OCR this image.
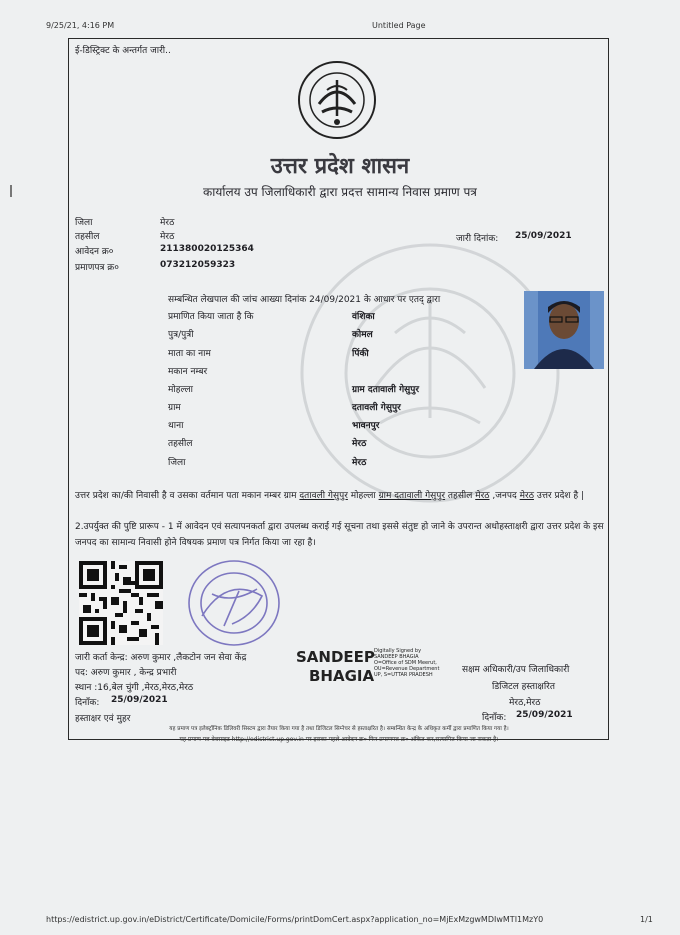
9/25/21, 4:16 PM	Untitled Page
ई-डिस्ट्रिक्ट के अन्तर्गत जारी..
उत्तर प्रदेश शासन
कार्यालय उप जिलाधिकारी द्वारा प्रदत्त सामान्य निवास प्रमाण पत्र
जिला	मेरठ
तहसील	मेरठ
आवेदन क्र०	211380020125364
प्रमाणपत्र क्र०	073212059323
जारी दिनांक: 25/09/2021
सम्बन्धित लेखपाल की जांच आख्या दिनांक 24/09/2021 के आधार पर एतद् द्वारा
प्रमाणित किया जाता है कि	वंशिका
पुत्र/पुत्री	कोमल
माता का नाम	पिंकी
मकान नम्बर
मोहल्ला	ग्राम दतावाली गेसुपुर
ग्राम	दतावली गेसुपुर
थाना	भावनपुर
तहसील	मेरठ
जिला	मेरठ
उत्तर प्रदेश का/की निवासी है व उसका वर्तमान पता मकान नम्बर ग्राम दतावली गेसुपुर मोहल्ला ग्राम दतावाली गेसुपुर तहसील मेरठ ,जनपद मेरठ उत्तर प्रदेश है |
2.उपर्युक्त की पुष्टि प्रारूप - 1 में आवेदन एवं सत्यापनकर्ता द्वारा उपलब्ध कराई गई सूचना तथा इससे संतुष्ट हो जाने के उपरान्त अधोहस्ताक्षरी द्वारा उत्तर प्रदेश के इस जनपद का सामान्य निवासी होने विषयक प्रमाण पत्र निर्गत किया जा रहा है।
जारी कर्ता केन्द्र: अरुण कुमार ,लैकटोन जन सेवा केंद्र
पद: अरुण कुमार , केन्द्र प्रभारी
स्थान :16,बेल चुंगी ,मेरठ,मेरठ,मेरठ
दिनाँक: 25/09/2021
हस्ताक्षर एवं मुहर
SANDEEP
BHAGIA
Digitally Signed by
SANDEEP BHAGIA
O=Office of SDM Meerut,
OU=Revenue Department
UP, S=UTTAR PRADESH	सक्षम अधिकारी/उप जिलाधिकारी
डिजिटल हस्ताक्षरित
मेरठ,मेरठ
दिनाँक: 25/09/2021
यह प्रमाण पत्र इलेक्ट्रॉनिक डिलिवरी सिस्टम द्वारा तैयार किया गया है तथा डिजिटल सिग्नेचर से हस्ताक्षरित है। सम्बन्धित केन्द्र के अधिकृत कर्मी द्वारा प्रमाणित किया गया है।
यह प्रमाण पत्र वेबसाइट http://edistrict.up.gov.in पर इसका पहले आवेदन क्र० फिर प्रमाणपत्र क्र० अंकित कर,सत्यापित किया जा सकता है।
https://edistrict.up.gov.in/eDistrict/Certificate/Domicile/Forms/printDomCert.aspx?application_no=MjExMzgwMDIwMTI1MzY0	1/1
